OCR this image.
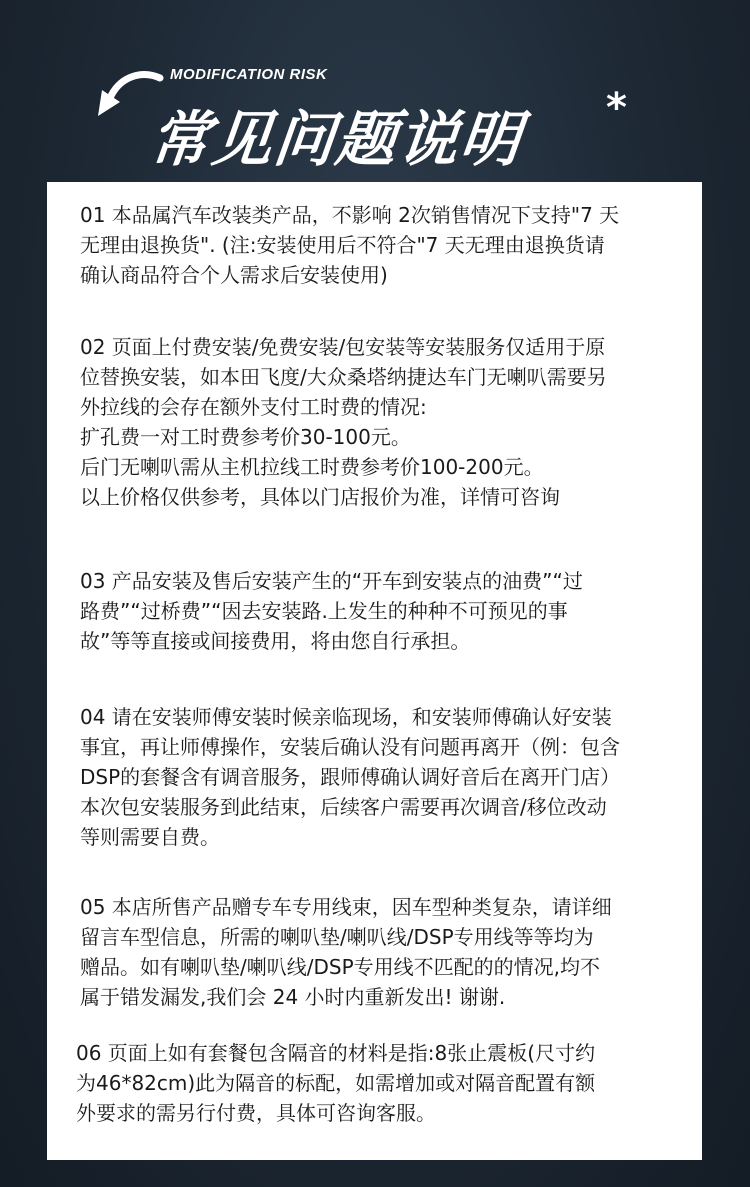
MODIFICATION RISK
常见问题说明 *
01 本品属汽车改装类产品，不影响 2次销售情况下支持"7 天
无理由退换货". (注:安装使用后不符合"7 天无理由退换货请
确认商品符合个人需求后安装使用)
02 页面上付费安装/免费安装/包安装等安装服务仅适用于原
位替换安装，如本田飞度/大众桑塔纳捷达车门无喇叭需要另
外拉线的会存在额外支付工时费的情况:
扩孔费一对工时费参考价30-100元。
后门无喇叭需从主机拉线工时费参考价100-200元。
以上价格仅供参考，具体以门店报价为准，详情可咨询
03 产品安装及售后安装产生的“开车到安装点的油费”“过
路费”“过桥费”“因去安装路.上发生的种种不可预见的事
故”等等直接或间接费用，将由您自行承担。
04 请在安装师傅安装时候亲临现场，和安装师傅确认好安装
事宜，再让师傅操作，安装后确认没有问题再离开（例：包含
DSP的套餐含有调音服务，跟师傅确认调好音后在离开门店）
本次包安装服务到此结束，后续客户需要再次调音/移位改动
等则需要自费。
05 本店所售产品赠专车专用线束，因车型种类复杂，请详细
留言车型信息，所需的喇叭垫/喇叭线/DSP专用线等等均为
赠品。如有喇叭垫/喇叭线/DSP专用线不匹配的的情况,均不
属于错发漏发,我们会 24 小时内重新发出! 谢谢.
06 页面上如有套餐包含隔音的材料是指:8张止震板(尺寸约
为46*82cm)此为隔音的标配，如需增加或对隔音配置有额
外要求的需另行付费，具体可咨询客服。
